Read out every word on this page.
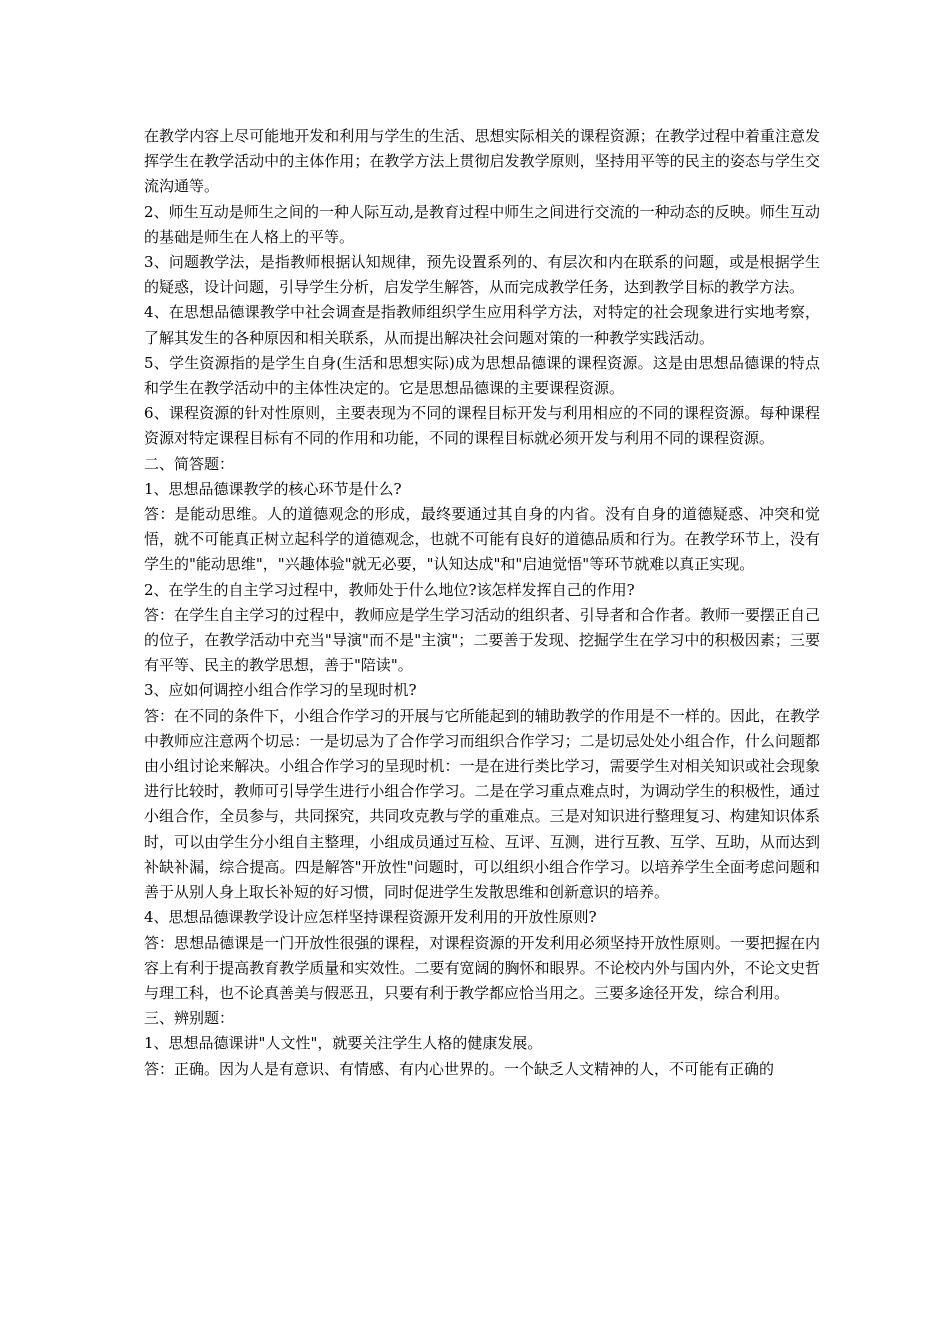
在教学内容上尽可能地开发和利用与学生的生活、思想实际相关的课程资源；在教学过程中着重注意发挥学生在教学活动中的主体作用；在教学方法上贯彻启发教学原则，坚持用平等的民主的姿态与学生交流沟通等。

2、师生互动是师生之间的一种人际互动,是教育过程中师生之间进行交流的一种动态的反映。师生互动的基础是师生在人格上的平等。

3、问题教学法，是指教师根据认知规律，预先设置系列的、有层次和内在联系的问题，或是根据学生的疑惑，设计问题，引导学生分析，启发学生解答，从而完成教学任务，达到教学目标的教学方法。

4、在思想品德课教学中社会调查是指教师组织学生应用科学方法，对特定的社会现象进行实地考察，了解其发生的各种原因和相关联系，从而提出解决社会问题对策的一种教学实践活动。

5、学生资源指的是学生自身(生活和思想实际)成为思想品德课的课程资源。这是由思想品德课的特点和学生在教学活动中的主体性决定的。它是思想品德课的主要课程资源。

6、课程资源的针对性原则，主要表现为不同的课程目标开发与利用相应的不同的课程资源。每种课程资源对特定课程目标有不同的作用和功能，不同的课程目标就必须开发与利用不同的课程资源。

二、简答题：

1、思想品德课教学的核心环节是什么?

答：是能动思维。人的道德观念的形成，最终要通过其自身的内省。没有自身的道德疑惑、冲突和觉悟，就不可能真正树立起科学的道德观念，也就不可能有良好的道德品质和行为。在教学环节上，没有学生的"能动思维"，"兴趣体验"就无必要，"认知达成"和"启迪觉悟"等环节就难以真正实现。

2、在学生的自主学习过程中，教师处于什么地位?该怎样发挥自己的作用?

答：在学生自主学习的过程中，教师应是学生学习活动的组织者、引导者和合作者。教师一要摆正自己的位子，在教学活动中充当"导演"而不是"主演"；二要善于发现、挖掘学生在学习中的积极因素；三要有平等、民主的教学思想，善于"陪读"。

3、应如何调控小组合作学习的呈现时机?

答：在不同的条件下，小组合作学习的开展与它所能起到的辅助教学的作用是不一样的。因此，在教学中教师应注意两个切忌：一是切忌为了合作学习而组织合作学习；二是切忌处处小组合作，什么问题都由小组讨论来解决。小组合作学习的呈现时机：一是在进行类比学习，需要学生对相关知识或社会现象进行比较时，教师可引导学生进行小组合作学习。二是在学习重点难点时，为调动学生的积极性，通过小组合作，全员参与，共同探究，共同攻克教与学的重难点。三是对知识进行整理复习、构建知识体系时，可以由学生分小组自主整理，小组成员通过互检、互评、互测，进行互教、互学、互助，从而达到补缺补漏，综合提高。四是解答"开放性"问题时，可以组织小组合作学习。以培养学生全面考虑问题和善于从别人身上取长补短的好习惯，同时促进学生发散思维和创新意识的培养。

4、思想品德课教学设计应怎样坚持课程资源开发利用的开放性原则?

答：思想品德课是一门开放性很强的课程，对课程资源的开发利用必须坚持开放性原则。一要把握在内容上有利于提高教育教学质量和实效性。二要有宽阔的胸怀和眼界。不论校内外与国内外，不论文史哲与理工科，也不论真善美与假恶丑，只要有利于教学都应恰当用之。三要多途径开发，综合利用。

三、辨别题：

1、思想品德课讲"人文性"，就要关注学生人格的健康发展。

答：正确。因为人是有意识、有情感、有内心世界的。一个缺乏人文精神的人，不可能有正确的
